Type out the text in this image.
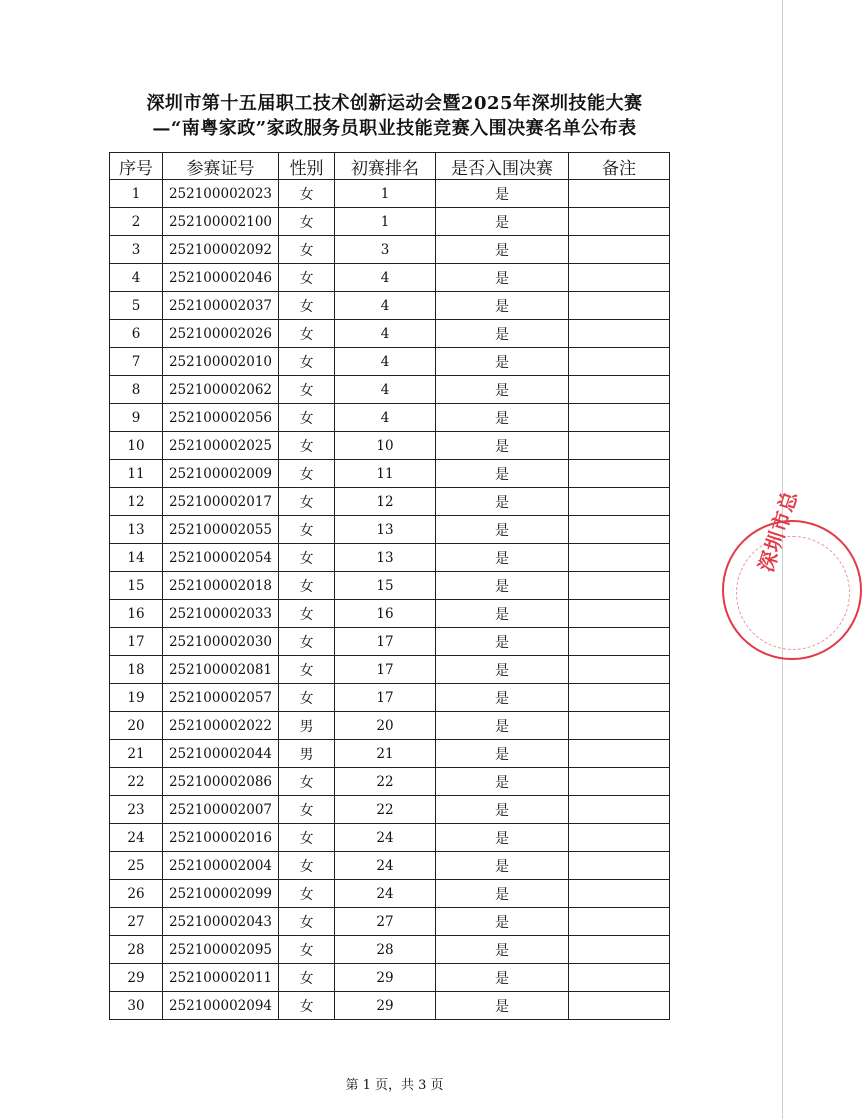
深圳市第十五届职工技术创新运动会暨2025年深圳技能大赛
—“南粤家政”家政服务员职业技能竞赛入围决赛名单公布表
序号	参赛证号	性别	初赛排名	是否入围决赛	备注
1	252100002023	女	1	是	
2	252100002100	女	1	是	
3	252100002092	女	3	是	
4	252100002046	女	4	是	
5	252100002037	女	4	是	
6	252100002026	女	4	是	
7	252100002010	女	4	是	
8	252100002062	女	4	是	
9	252100002056	女	4	是	
10	252100002025	女	10	是	
11	252100002009	女	11	是	
12	252100002017	女	12	是	
13	252100002055	女	13	是	
14	252100002054	女	13	是	
15	252100002018	女	15	是	
16	252100002033	女	16	是	
17	252100002030	女	17	是	
18	252100002081	女	17	是	
19	252100002057	女	17	是	
20	252100002022	男	20	是	
21	252100002044	男	21	是	
22	252100002086	女	22	是	
23	252100002007	女	22	是	
24	252100002016	女	24	是	
25	252100002004	女	24	是	
26	252100002099	女	24	是	
27	252100002043	女	27	是	
28	252100002095	女	28	是	
29	252100002011	女	29	是	
30	252100002094	女	29	是	
第 1 页，共 3 页
深圳市总
